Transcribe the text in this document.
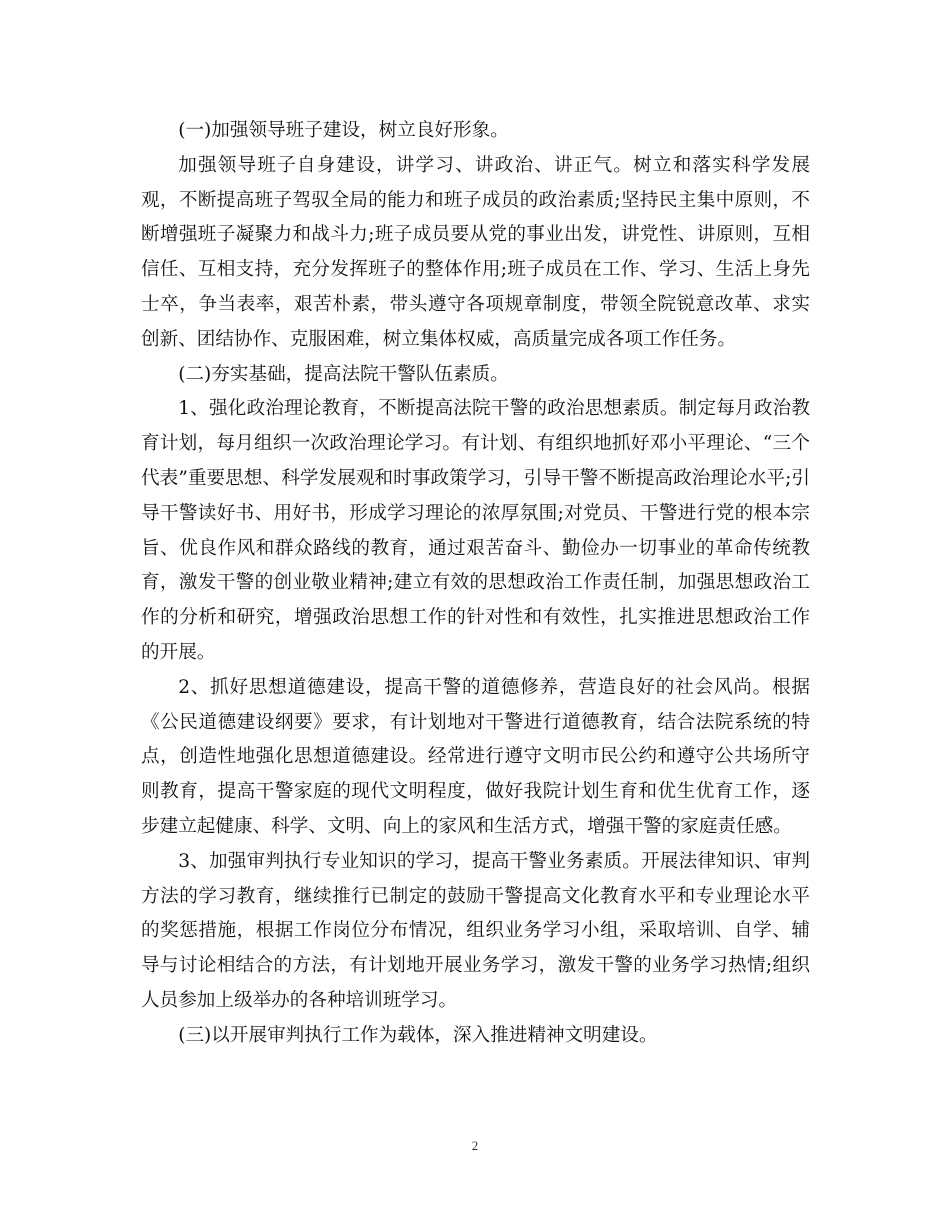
(一)加强领导班子建设，树立良好形象。

加强领导班子自身建设，讲学习、讲政治、讲正气。树立和落实科学发展观，不断提高班子驾驭全局的能力和班子成员的政治素质;坚持民主集中原则，不断增强班子凝聚力和战斗力;班子成员要从党的事业出发，讲党性、讲原则，互相信任、互相支持，充分发挥班子的整体作用;班子成员在工作、学习、生活上身先士卒，争当表率，艰苦朴素，带头遵守各项规章制度，带领全院锐意改革、求实创新、团结协作、克服困难，树立集体权威，高质量完成各项工作任务。

(二)夯实基础，提高法院干警队伍素质。

1、强化政治理论教育，不断提高法院干警的政治思想素质。制定每月政治教育计划，每月组织一次政治理论学习。有计划、有组织地抓好邓小平理论、“三个代表”重要思想、科学发展观和时事政策学习，引导干警不断提高政治理论水平;引导干警读好书、用好书，形成学习理论的浓厚氛围;对党员、干警进行党的根本宗旨、优良作风和群众路线的教育，通过艰苦奋斗、勤俭办一切事业的革命传统教育，激发干警的创业敬业精神;建立有效的思想政治工作责任制，加强思想政治工作的分析和研究，增强政治思想工作的针对性和有效性，扎实推进思想政治工作的开展。

2、抓好思想道德建设，提高干警的道德修养，营造良好的社会风尚。根据《公民道德建设纲要》要求，有计划地对干警进行道德教育，结合法院系统的特点，创造性地强化思想道德建设。经常进行遵守文明市民公约和遵守公共场所守则教育，提高干警家庭的现代文明程度，做好我院计划生育和优生优育工作，逐步建立起健康、科学、文明、向上的家风和生活方式，增强干警的家庭责任感。

3、加强审判执行专业知识的学习，提高干警业务素质。开展法律知识、审判方法的学习教育，继续推行已制定的鼓励干警提高文化教育水平和专业理论水平的奖惩措施，根据工作岗位分布情况，组织业务学习小组，采取培训、自学、辅导与讨论相结合的方法，有计划地开展业务学习，激发干警的业务学习热情;组织人员参加上级举办的各种培训班学习。

(三)以开展审判执行工作为载体，深入推进精神文明建设。

2
